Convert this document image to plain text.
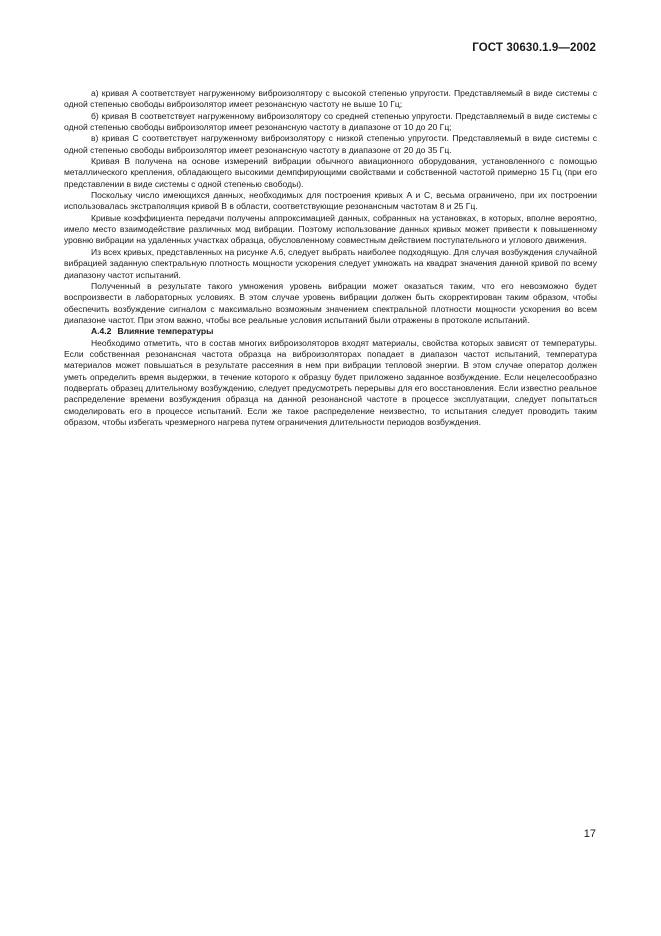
ГОСТ 30630.1.9—2002

а) кривая A соответствует нагруженному виброизолятору с высокой степенью упругости. Представляемый в виде системы с одной степенью свободы виброизолятор имеет резонансную частоту не выше 10 Гц;

б) кривая B соответствует нагруженному виброизолятору со средней степенью упругости. Представляемый в виде системы с одной степенью свободы виброизолятор имеет резонансную частоту в диапазоне от 10 до 20 Гц;

в) кривая C соответствует нагруженному виброизолятору с низкой степенью упругости. Представляемый в виде системы с одной степенью свободы виброизолятор имеет резонансную частоту в диапазоне от 20 до 35 Гц.

Кривая B получена на основе измерений вибрации обычного авиационного оборудования, установленного с помощью металлического крепления, обладающего высокими демпфирующими свойствами и собственной частотой примерно 15 Гц (при его представлении в виде системы с одной степенью свободы).

Поскольку число имеющихся данных, необходимых для построения кривых A и C, весьма ограничено, при их построении использовалась экстраполяция кривой B в области, соответствующие резонансным частотам 8 и 25 Гц.

Кривые коэффициента передачи получены аппроксимацией данных, собранных на установках, в которых, вполне вероятно, имело место взаимодействие различных мод вибрации. Поэтому использование данных кривых может привести к повышенному уровню вибрации на удаленных участках образца, обусловленному совместным действием поступательного и углового движения.

Из всех кривых, представленных на рисунке А.6, следует выбрать наиболее подходящую. Для случая возбуждения случайной вибрацией заданную спектральную плотность мощности ускорения следует умножать на квадрат значения данной кривой по всему диапазону частот испытаний.

Полученный в результате такого умножения уровень вибрации может оказаться таким, что его невозможно будет воспроизвести в лабораторных условиях. В этом случае уровень вибрации должен быть скорректирован таким образом, чтобы обеспечить возбуждение сигналом с максимально возможным значением спектральной плотности мощности ускорения во всем диапазоне частот. При этом важно, чтобы все реальные условия испытаний были отражены в протоколе испытаний.

А.4.2 Влияние температуры

Необходимо отметить, что в состав многих виброизоляторов входят материалы, свойства которых зависят от температуры. Если собственная резонансная частота образца на виброизоляторах попадает в диапазон частот испытаний, температура материалов может повышаться в результате рассеяния в нем при вибрации тепловой энергии. В этом случае оператор должен уметь определить время выдержки, в течение которого к образцу будет приложено заданное возбуждение. Если нецелесообразно подвергать образец длительному возбуждению, следует предусмотреть перерывы для его восстановления. Если известно реальное распределение времени возбуждения образца на данной резонансной частоте в процессе эксплуатации, следует попытаться смоделировать его в процессе испытаний. Если же такое распределение неизвестно, то испытания следует проводить таким образом, чтобы избегать чрезмерного нагрева путем ограничения длительности периодов возбуждения.

17
